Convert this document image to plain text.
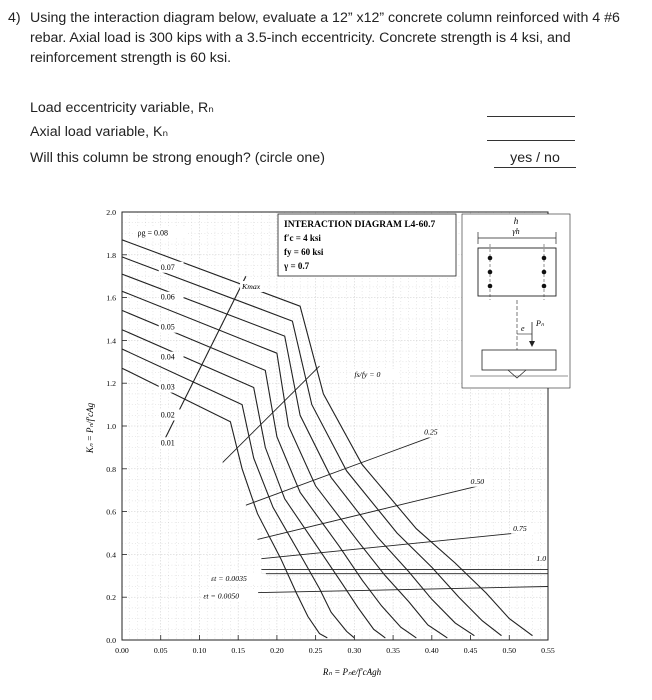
4) Using the interaction diagram below, evaluate a 12” x12” concrete column reinforced with 4 #6 rebar. Axial load is 300 kips with a 3.5-inch eccentricity. Concrete strength is 4 ksi, and reinforcement strength is 60 ksi.
Load eccentricity variable, Rₙ
Axial load variable, Kₙ
Will this column be strong enough? (circle one)	yes / no
ρg = 0.08
0.07
0.06
0.05
0.04
0.03
0.02
0.01
Kmax
fs/fy = 0
0.25
0.50
0.75
1.0
εt = 0.0035
εt = 0.0050
0.00	0.05	0.10	0.15	0.20	0.25	0.30	0.35	0.40	0.45	0.50	0.55
0.0
0.2
0.4
0.6
0.8
1.0
1.2
1.4
1.6
1.8
2.0
INTERACTION DIAGRAM L4-60.7
f′c = 4 ksi
fy = 60 ksi
γ = 0.7
h
γh
Pₙ
e
Rₙ = Pₙe/f′cAgh
Kₙ = Pₙ/f′cAg
